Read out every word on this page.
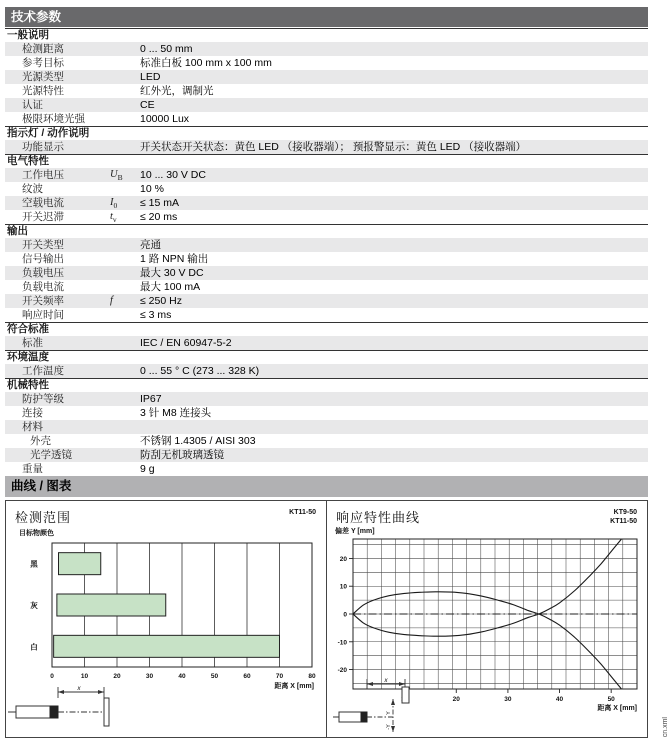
技术参数
一般说明
检测距离	0 ... 50 mm
参考目标	标准白板 100 mm x 100 mm
光源类型	LED
光源特性	红外光，调制光
认证	CE
极限环境光强	10000 Lux
指示灯 / 动作说明
功能显示	开关状态开关状态：黄色 LED （接收器端）； 预报警显示：黄色 LED （接收器端）
电气特性
工作电压	$U_B$	10 ... 30 V DC
纹波	10 %
空载电流	$I_0$	≤ 15 mA
开关迟滞	$t_v$	≤ 20 ms
输出
开关类型	亮通
信号输出	1 路 NPN 输出
负载电压	最大 30 V DC
负载电流	最大 100 mA
开关频率	f	≤ 250 Hz
响应时间	≤ 3 ms
符合标准
标准	IEC / EN 60947-5-2
环境温度
工作温度	0 ... 55 ° C (273 ... 328 K)
机械特性
防护等级	IP67
连接	3 针 M8 连接头
材料
外壳	不锈钢 1.4305 / AISI 303
光学透镜	防刮无机玻璃透镜
重量	9 g
曲线 / 图表
检测范围	KT11-50
目标物颜色
黑
灰
白
0	10	20	30	40	50	60	70	80
距离 X [mm]
x
响应特性曲线	KT9-50
KT11-50
偏差 Y [mm]
20
10
0
-10
-20
20	30	40	50
距离 X [mm]
x
Y
-Y	cn.xml
